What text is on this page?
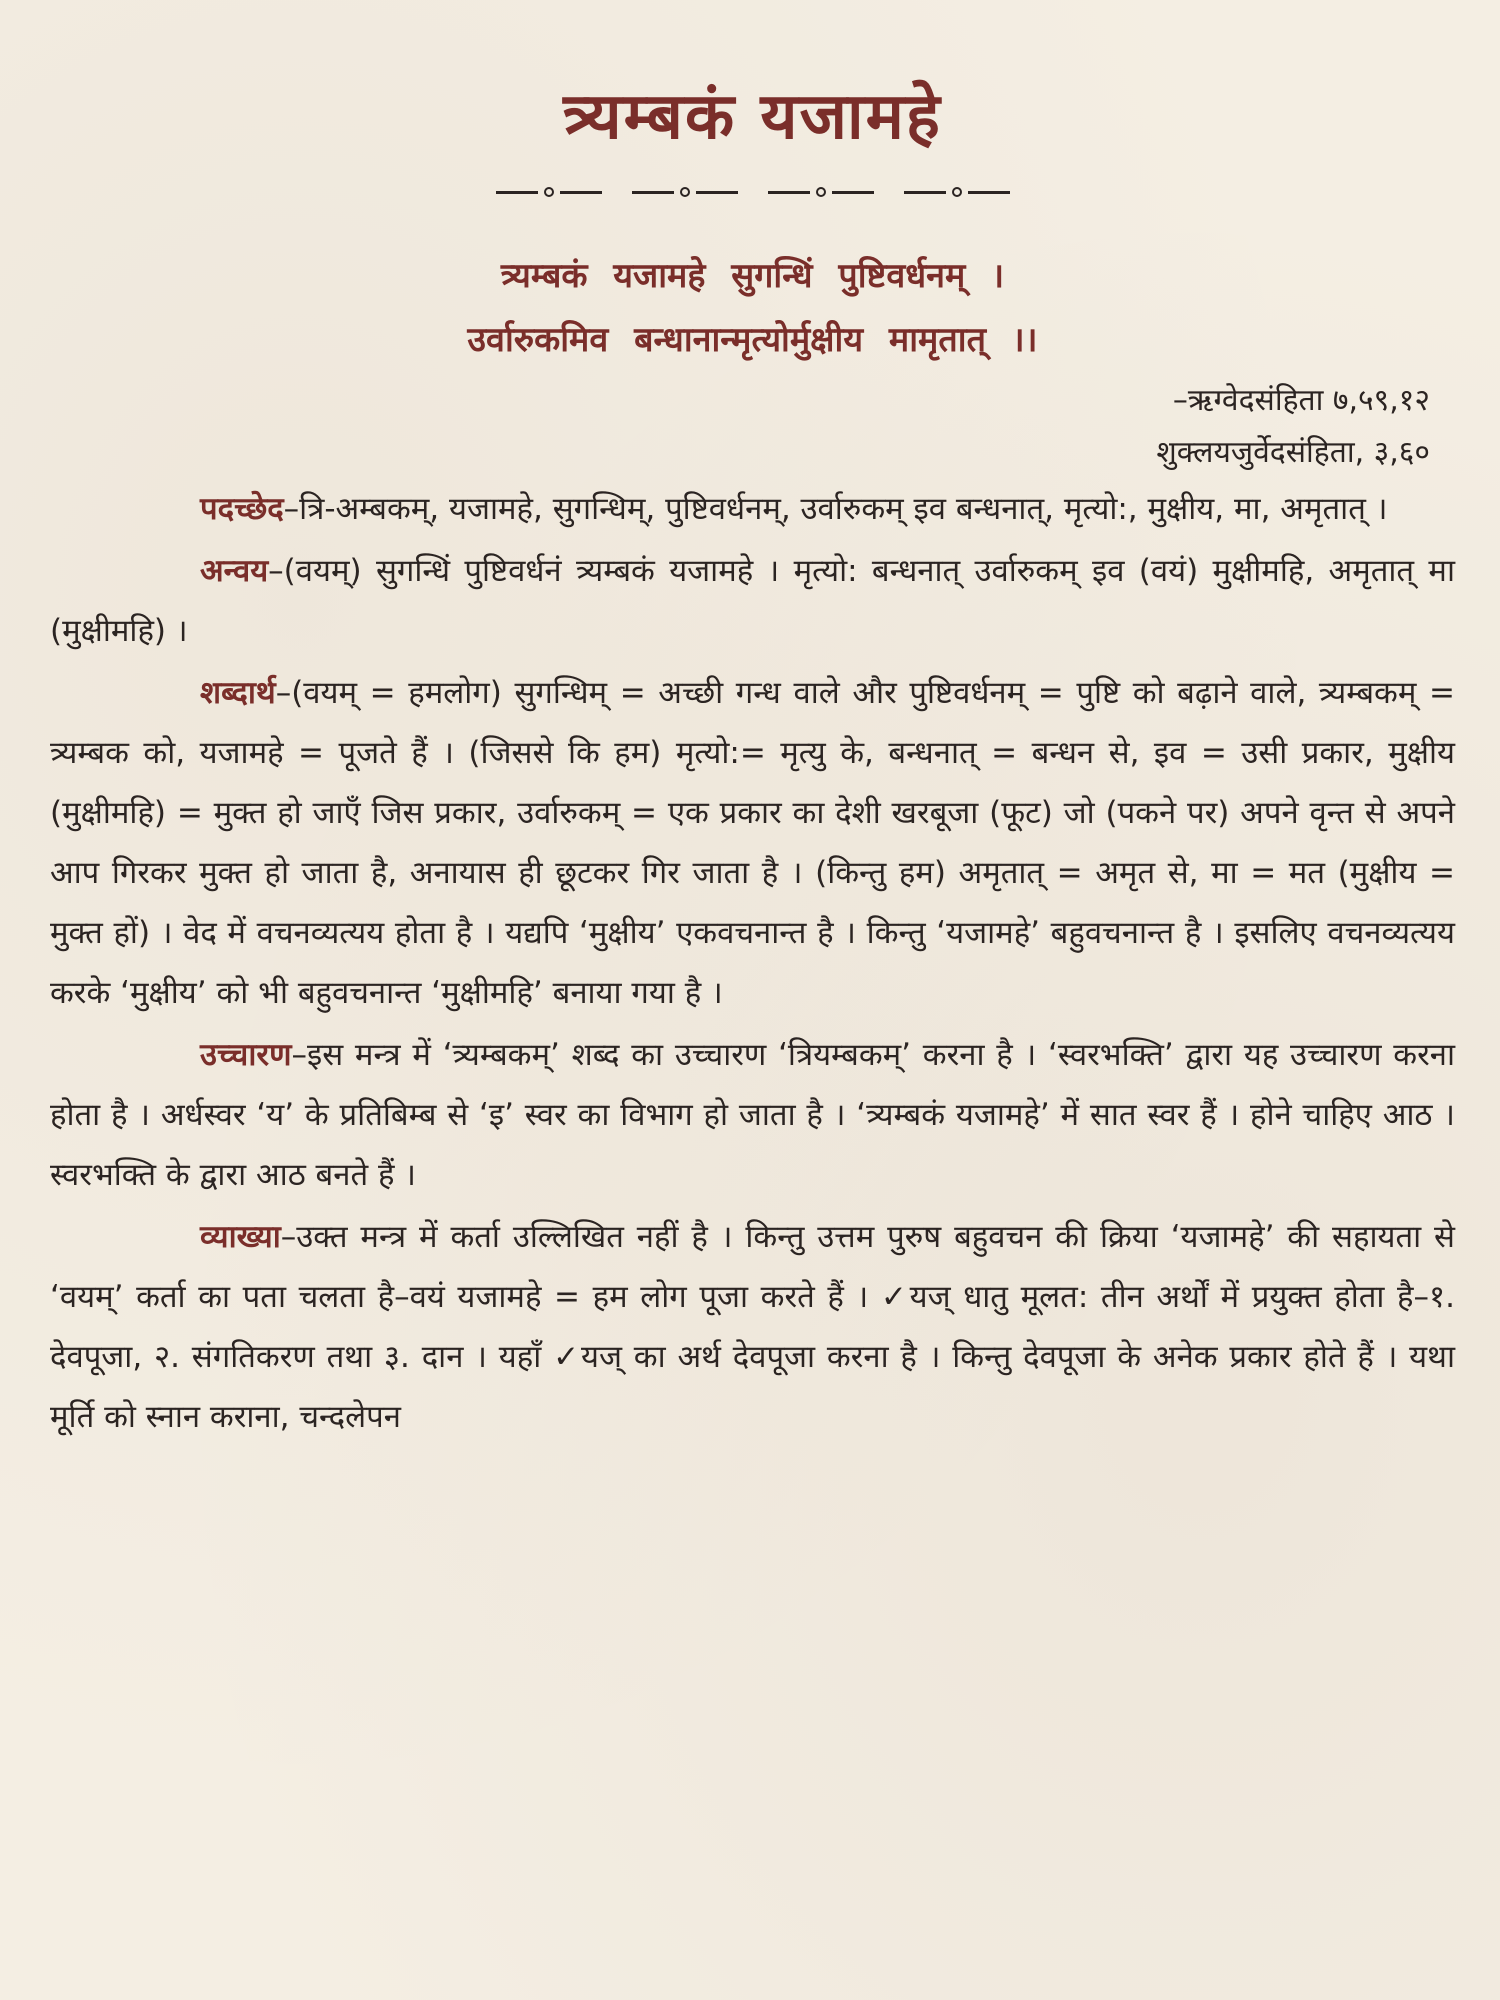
त्र्यम्बकं यजामहे
त्र्यम्बकं यजामहे सुगन्धिं पुष्टिवर्धनम् ।
उर्वारुकमिव बन्धानान्मृत्योर्मुक्षीय मामृतात् ।।
–ऋग्वेदसंहिता ७,५९,१२
शुक्लयजुर्वेदसंहिता, ३,६०

पदच्छेद–त्रि-अम्बकम्, यजामहे, सुगन्धिम्, पुष्टिवर्धनम्, उर्वारुकम् इव बन्धनात्, मृत्यो:, मुक्षीय, मा, अमृतात् ।

अन्वय–(वयम्) सुगन्धिं पुष्टिवर्धनं त्र्यम्बकं यजामहे । मृत्यो: बन्धनात् उर्वारुकम् इव (वयं) मुक्षीमहि, अमृतात् मा (मुक्षीमहि) ।

शब्दार्थ–(वयम् = हमलोग) सुगन्धिम् = अच्छी गन्ध वाले और पुष्टिवर्धनम् = पुष्टि को बढ़ाने वाले, त्र्यम्बकम् = त्र्यम्बक को, यजामहे = पूजते हैं । (जिससे कि हम) मृत्यो:= मृत्यु के, बन्धनात् = बन्धन से, इव = उसी प्रकार, मुक्षीय (मुक्षीमहि) = मुक्त हो जाएँ जिस प्रकार, उर्वारुकम् = एक प्रकार का देशी खरबूजा (फूट) जो (पकने पर) अपने वृन्त से अपने आप गिरकर मुक्त हो जाता है, अनायास ही छूटकर गिर जाता है । (किन्तु हम) अमृतात् = अमृत से, मा = मत (मुक्षीय = मुक्त हों) । वेद में वचनव्यत्यय होता है । यद्यपि ‘मुक्षीय’ एकवचनान्त है । किन्तु ‘यजामहे’ बहुवचनान्त है । इसलिए वचनव्यत्यय करके ‘मुक्षीय’ को भी बहुवचनान्त ‘मुक्षीमहि’ बनाया गया है ।

उच्चारण–इस मन्त्र में ‘त्र्यम्बकम्’ शब्द का उच्चारण ‘त्रियम्बकम्’ करना है । ‘स्वरभक्ति’ द्वारा यह उच्चारण करना होता है । अर्धस्वर ‘य’ के प्रतिबिम्ब से ‘इ’ स्वर का विभाग हो जाता है । ‘त्र्यम्बकं यजामहे’ में सात स्वर हैं । होने चाहिए आठ । स्वरभक्ति के द्वारा आठ बनते हैं ।

व्याख्या–उक्त मन्त्र में कर्ता उल्लिखित नहीं है । किन्तु उत्तम पुरुष बहुवचन की क्रिया ‘यजामहे’ की सहायता से ‘वयम्’ कर्ता का पता चलता है–वयं यजामहे = हम लोग पूजा करते हैं । ✓यज् धातु मूलत: तीन अर्थों में प्रयुक्त होता है–१. देवपूजा, २. संगतिकरण तथा ३. दान । यहाँ ✓यज् का अर्थ देवपूजा करना है । किन्तु देवपूजा के अनेक प्रकार होते हैं । यथा मूर्ति को स्नान कराना, चन्दलेपन
